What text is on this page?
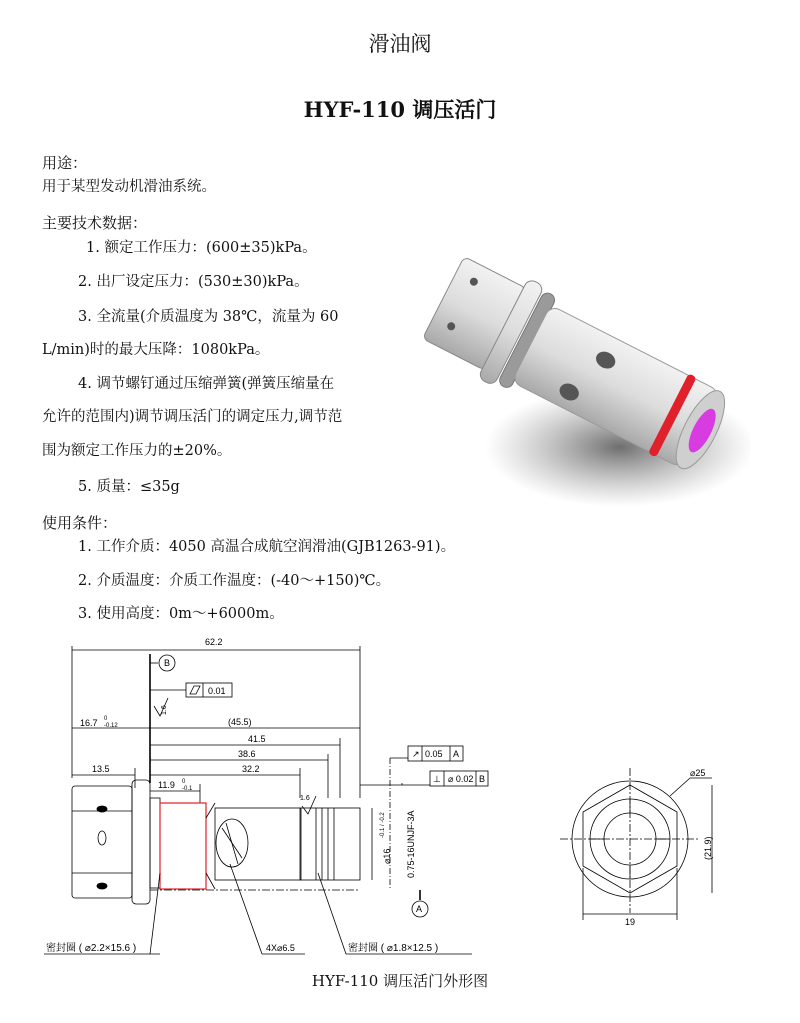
滑油阀
HYF-110 调压活门
用途：
用于某型发动机滑油系统。
主要技术数据：
1. 额定工作压力：(600±35)kPa。
2. 出厂设定压力：(530±30)kPa。
3. 全流量(介质温度为 38℃，流量为 60
L/min)时的最大压降：1080kPa。
4. 调节螺钉通过压缩弹簧(弹簧压缩量在
允许的范围内)调节调压活门的调定压力,调节范
围为额定工作压力的±20%。
5. 质量：≤35g
使用条件：
1. 工作介质：4050 高温合成航空润滑油(GJB1263-91)。
2. 介质温度：介质工作温度：(-40～+150)℃。
3. 使用高度：0m～+6000m。
62.2
B
0.01
1.6
16.7 0
-0.12	(45.5)
41.5
38.6
32.2
13.5
11.9 0
-0.1
↗ 0.05 A
⊥ ⌀ 0.02 B
1.6
⌀16
-0.1 / -0.2 0.75-16UNJF-3A
A
⌀25
(21.9)
19
密封圈 ( ⌀2.2×15.6 )	4X⌀6.5	密封圈 ( ⌀1.8×12.5 )
HYF-110 调压活门外形图
